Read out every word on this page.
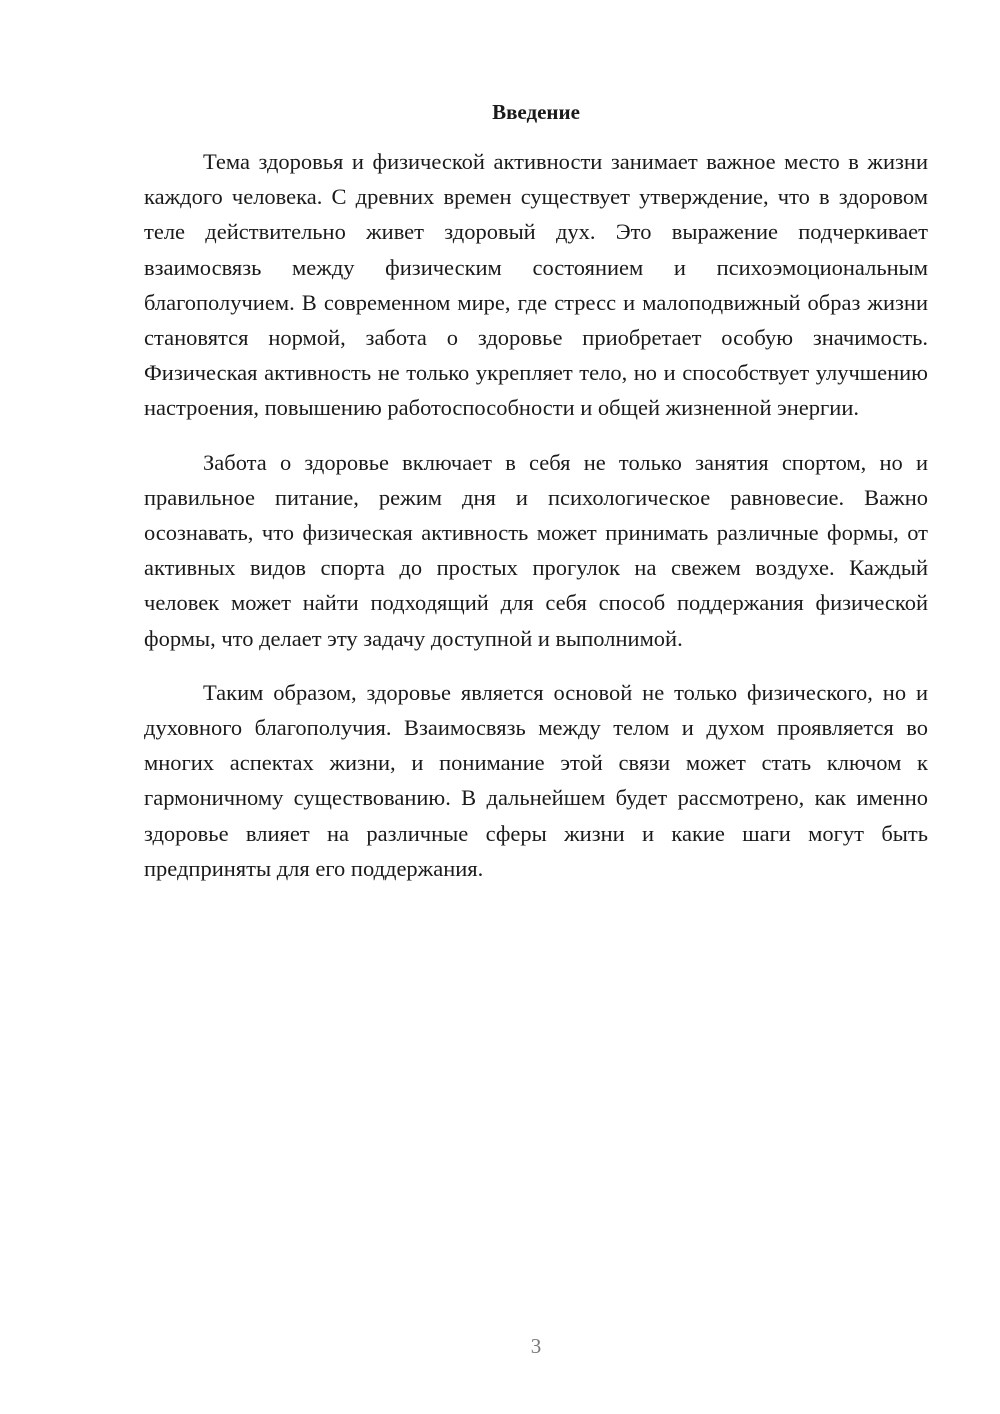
Введение

Тема здоровья и физической активности занимает важное место в жизни каждого человека. С древних времен существует утверждение, что в здоровом теле действительно живет здоровый дух. Это выражение подчеркивает взаимосвязь между физическим состоянием и психоэмоциональным благополучием. В современном мире, где стресс и малоподвижный образ жизни становятся нормой, забота о здоровье приобретает особую значимость. Физическая активность не только укрепляет тело, но и способствует улучшению настроения, повышению работоспособности и общей жизненной энергии.

Забота о здоровье включает в себя не только занятия спортом, но и правильное питание, режим дня и психологическое равновесие. Важно осознавать, что физическая активность может принимать различные формы, от активных видов спорта до простых прогулок на свежем воздухе. Каждый человек может найти подходящий для себя способ поддержания физической формы, что делает эту задачу доступной и выполнимой.

Таким образом, здоровье является основой не только физического, но и духовного благополучия. Взаимосвязь между телом и духом проявляется во многих аспектах жизни, и понимание этой связи может стать ключом к гармоничному существованию. В дальнейшем будет рассмотрено, как именно здоровье влияет на различные сферы жизни и какие шаги могут быть предприняты для его поддержания.

3
